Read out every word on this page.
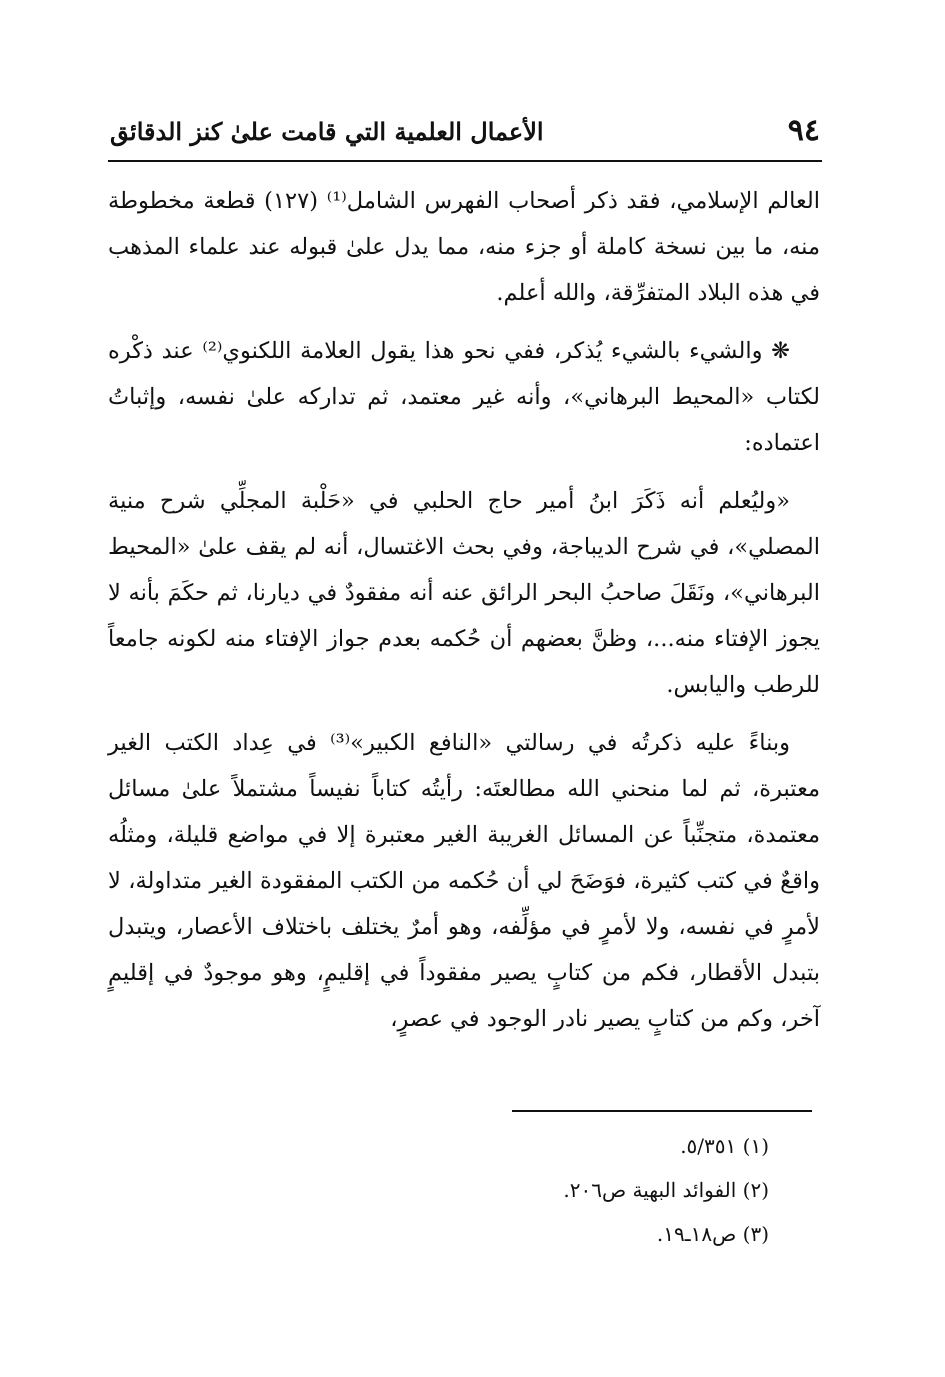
٩٤
الأعمال العلمية التي قامت علىٰ كنز الدقائق

العالم الإسلامي، فقد ذكر أصحاب الفهرس الشامل⁽¹⁾ (١٢٧) قطعة مخطوطة منه، ما بين نسخة كاملة أو جزء منه، مما يدل علىٰ قبوله عند علماء المذهب في هذه البلاد المتفرِّقة، والله أعلم.

❋ والشيء بالشيء يُذكر، ففي نحو هذا يقول العلامة اللكنوي⁽²⁾ عند ذكْره لكتاب «المحيط البرهاني»، وأنه غير معتمد، ثم تداركه علىٰ نفسه، وإثباتُ اعتماده:

«وليُعلم أنه ذَكَرَ ابنُ أمير حاج الحلبي في «حَلْبة المجلِّي شرح منية المصلي»، في شرح الديباجة، وفي بحث الاغتسال، أنه لم يقف علىٰ «المحيط البرهاني»، ونَقَلَ صاحبُ البحر الرائق عنه أنه مفقودٌ في ديارنا، ثم حكَمَ بأنه لا يجوز الإفتاء منه...، وظنَّ بعضهم أن حُكمه بعدم جواز الإفتاء منه لكونه جامعاً للرطب واليابس.

وبناءً عليه ذكرتُه في رسالتي «النافع الكبير»⁽³⁾ في عِداد الكتب الغير معتبرة، ثم لما منحني الله مطالعتَه: رأيتُه كتاباً نفيساً مشتملاً علىٰ مسائل معتمدة، متجنِّباً عن المسائل الغريبة الغير معتبرة إلا في مواضع قليلة، ومثلُه واقعٌ في كتب كثيرة، فوَضَحَ لي أن حُكمه من الكتب المفقودة الغير متداولة، لا لأمرٍ في نفسه، ولا لأمرٍ في مؤلِّفه، وهو أمرٌ يختلف باختلاف الأعصار، ويتبدل بتبدل الأقطار، فكم من كتابٍ يصير مفقوداً في إقليمٍ، وهو موجودٌ في إقليمٍ آخر، وكم من كتابٍ يصير نادر الوجود في عصرٍ،

(١) ٥/٣٥١.

(٢) الفوائد البهية ص٢٠٦.

(٣) ص١٨ـ١٩.
